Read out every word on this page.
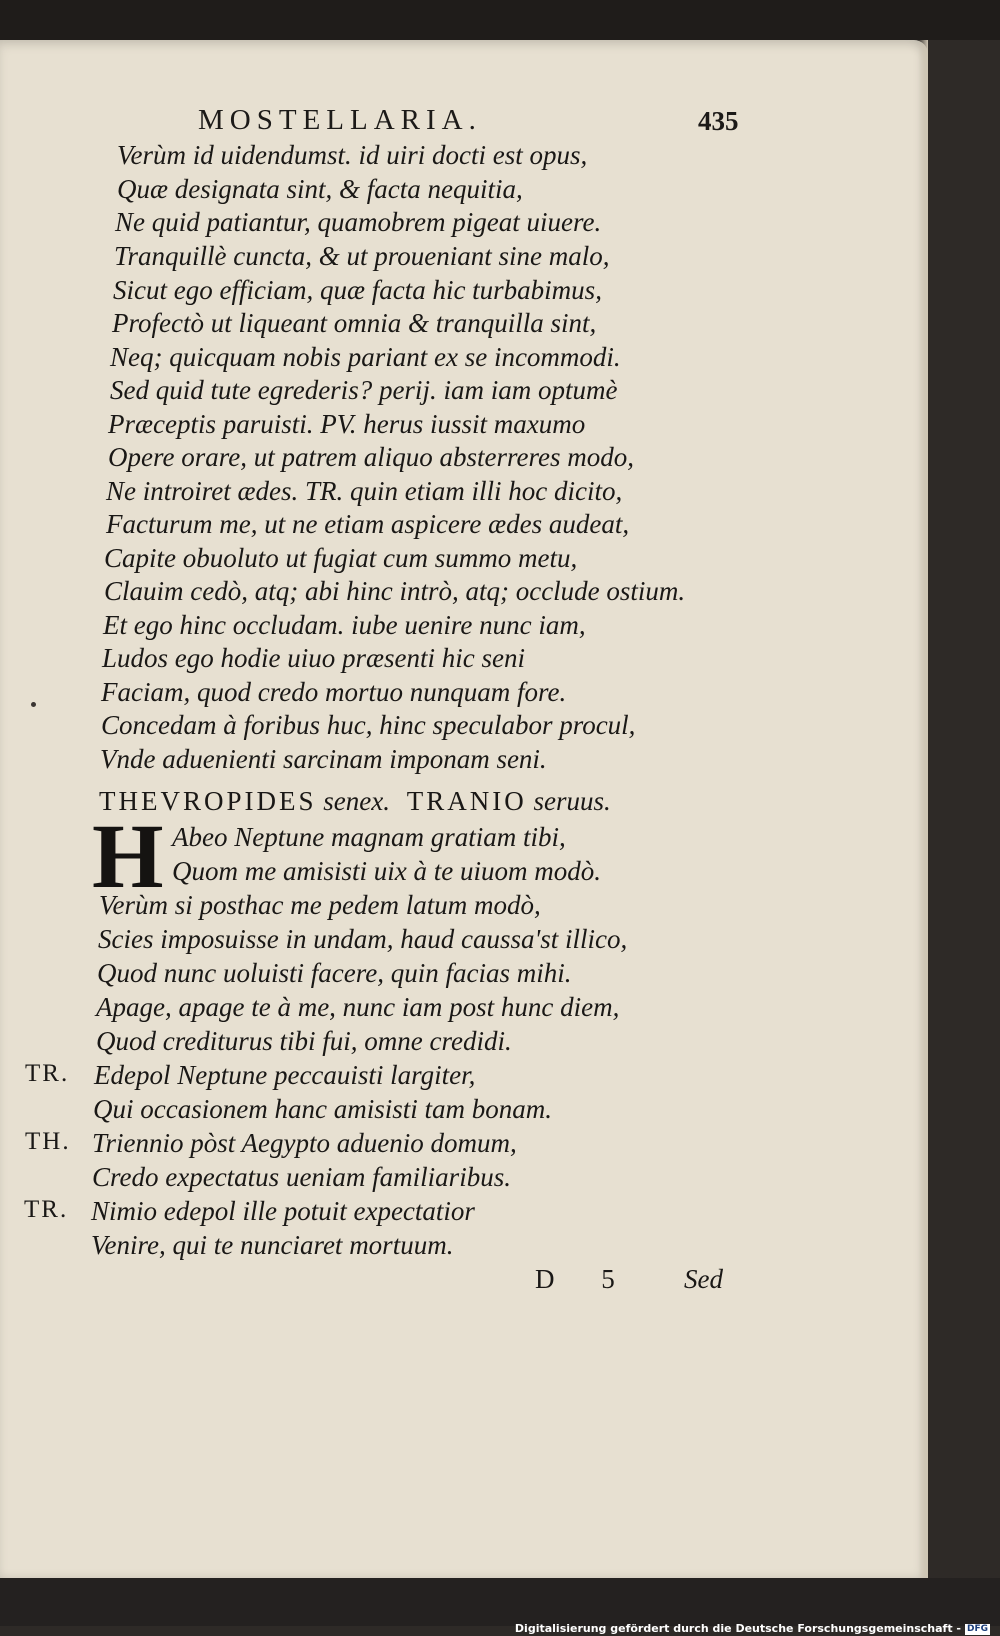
MOSTELLARIA.	435
Verùm id uidendumst. id uiri docti est opus,
Quæ designata sint, & facta nequitia,
Ne quid patiantur, quamobrem pigeat uiuere.
Tranquillè cuncta, & ut proueniant sine malo,
Sicut ego efficiam, quæ facta hic turbabimus,
Profectò ut liqueant omnia & tranquilla sint,
Neq; quicquam nobis pariant ex se incommodi.
Sed quid tute egrederis? perij. iam iam optumè
Præceptis paruisti. PV. herus iussit maxumo
Opere orare, ut patrem aliquo absterreres modo,
Ne introiret ædes. TR. quin etiam illi hoc dicito,
Facturum me, ut ne etiam aspicere ædes audeat,
Capite obuoluto ut fugiat cum summo metu,
Clauim cedò, atq; abi hinc intrò, atq; occlude ostium.
Et ego hinc occludam. iube uenire nunc iam,
Ludos ego hodie uiuo præsenti hic seni
Faciam, quod credo mortuo nunquam fore.
Concedam à foribus huc, hinc speculabor procul,
Vnde aduenienti sarcinam imponam seni.
THEVROPIDES senex. TRANIO seruus.
H Abeo Neptune magnam gratiam tibi,
Quom me amisisti uix à te uiuom modò.
Verùm si posthac me pedem latum modò,
Scies imposuisse in undam, haud caussa'st illico,
Quod nunc uoluisti facere, quin facias mihi.
Apage, apage te à me, nunc iam post hunc diem,
Quod crediturus tibi fui, omne credidi.
TR. Edepol Neptune peccauisti largiter,
Qui occasionem hanc amisisti tam bonam.
TH. Triennio pòst Aegypto aduenio domum,
Credo expectatus ueniam familiaribus.
TR. Nimio edepol ille potuit expectatior
Venire, qui te nunciaret mortuum.
D 5	Sed
Digitalisierung gefördert durch die Deutsche Forschungsgemeinschaft - DFG
